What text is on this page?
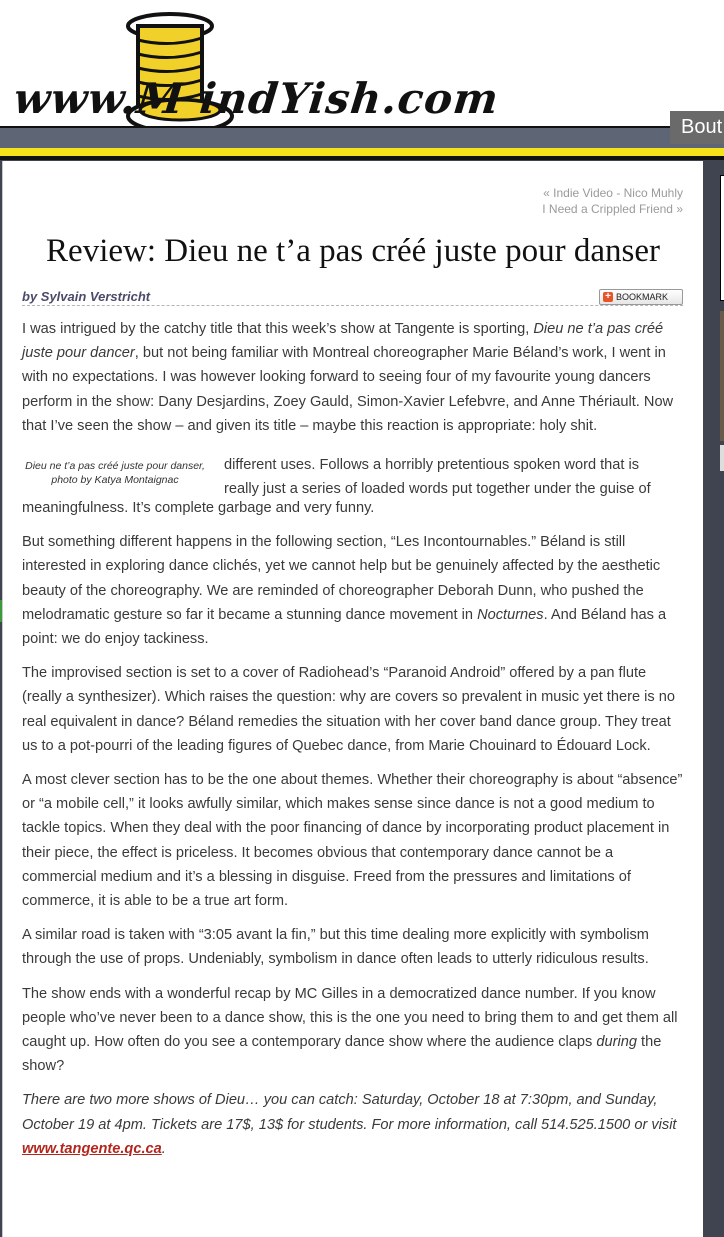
www.M indYish.com
Bout
« Indie Video - Nico Muhly
I Need a Crippled Friend »
Review: Dieu ne t’a pas créé juste pour danser
by Sylvain Verstricht	+ BOOKMARK

I was intrigued by the catchy title that this week’s show at Tangente is sporting, Dieu ne t’a pas créé juste pour dancer, but not being familiar with Montreal choreographer Marie Béland’s work, I went in with no expectations. I was however looking forward to seeing four of my favourite young dancers perform in the show: Dany Desjardins, Zoey Gauld, Simon-Xavier Lefebvre, and Anne Thériault. Now that I’ve seen the show – and given its title – maybe this reaction is appropriate: holy shit.

meaningfulness. It’s complete garbage and very funny.

But something different happens in the following section, “Les Incontournables.” Béland is still interested in exploring dance clichés, yet we cannot help but be genuinely affected by the aesthetic beauty of the choreography. We are reminded of choreographer Deborah Dunn, who pushed the melodramatic gesture so far it became a stunning dance movement in Nocturnes. And Béland has a point: we do enjoy tackiness.

The improvised section is set to a cover of Radiohead’s “Paranoid Android” offered by a pan flute (really a synthesizer). Which raises the question: why are covers so prevalent in music yet there is no real equivalent in dance? Béland remedies the situation with her cover band dance group. They treat us to a pot-pourri of the leading figures of Quebec dance, from Marie Chouinard to Édouard Lock.

A most clever section has to be the one about themes. Whether their choreography is about “absence” or “a mobile cell,” it looks awfully similar, which makes sense since dance is not a good medium to tackle topics. When they deal with the poor financing of dance by incorporating product placement in their piece, the effect is priceless. It becomes obvious that contemporary dance cannot be a commercial medium and it’s a blessing in disguise. Freed from the pressures and limitations of commerce, it is able to be a true art form.

A similar road is taken with “3:05 avant la fin,” but this time dealing more explicitly with symbolism through the use of props. Undeniably, symbolism in dance often leads to utterly ridiculous results.

The show ends with a wonderful recap by MC Gilles in a democratized dance number. If you know people who’ve never been to a dance show, this is the one you need to bring them to and get them all caught up. How often do you see a contemporary dance show where the audience claps during the show?

There are two more shows of Dieu… you can catch: Saturday, October 18 at 7:30pm, and Sunday, October 19 at 4pm. Tickets are 17$, 13$ for students. For more information, call 514.525.1500 or visit www.tangente.qc.ca.

different uses. Follows a horribly pretentious spoken word that is
really just a series of loaded words put together under the guise of
Dieu ne t’a pas créé juste pour danser, photo by Katya Montaignac
